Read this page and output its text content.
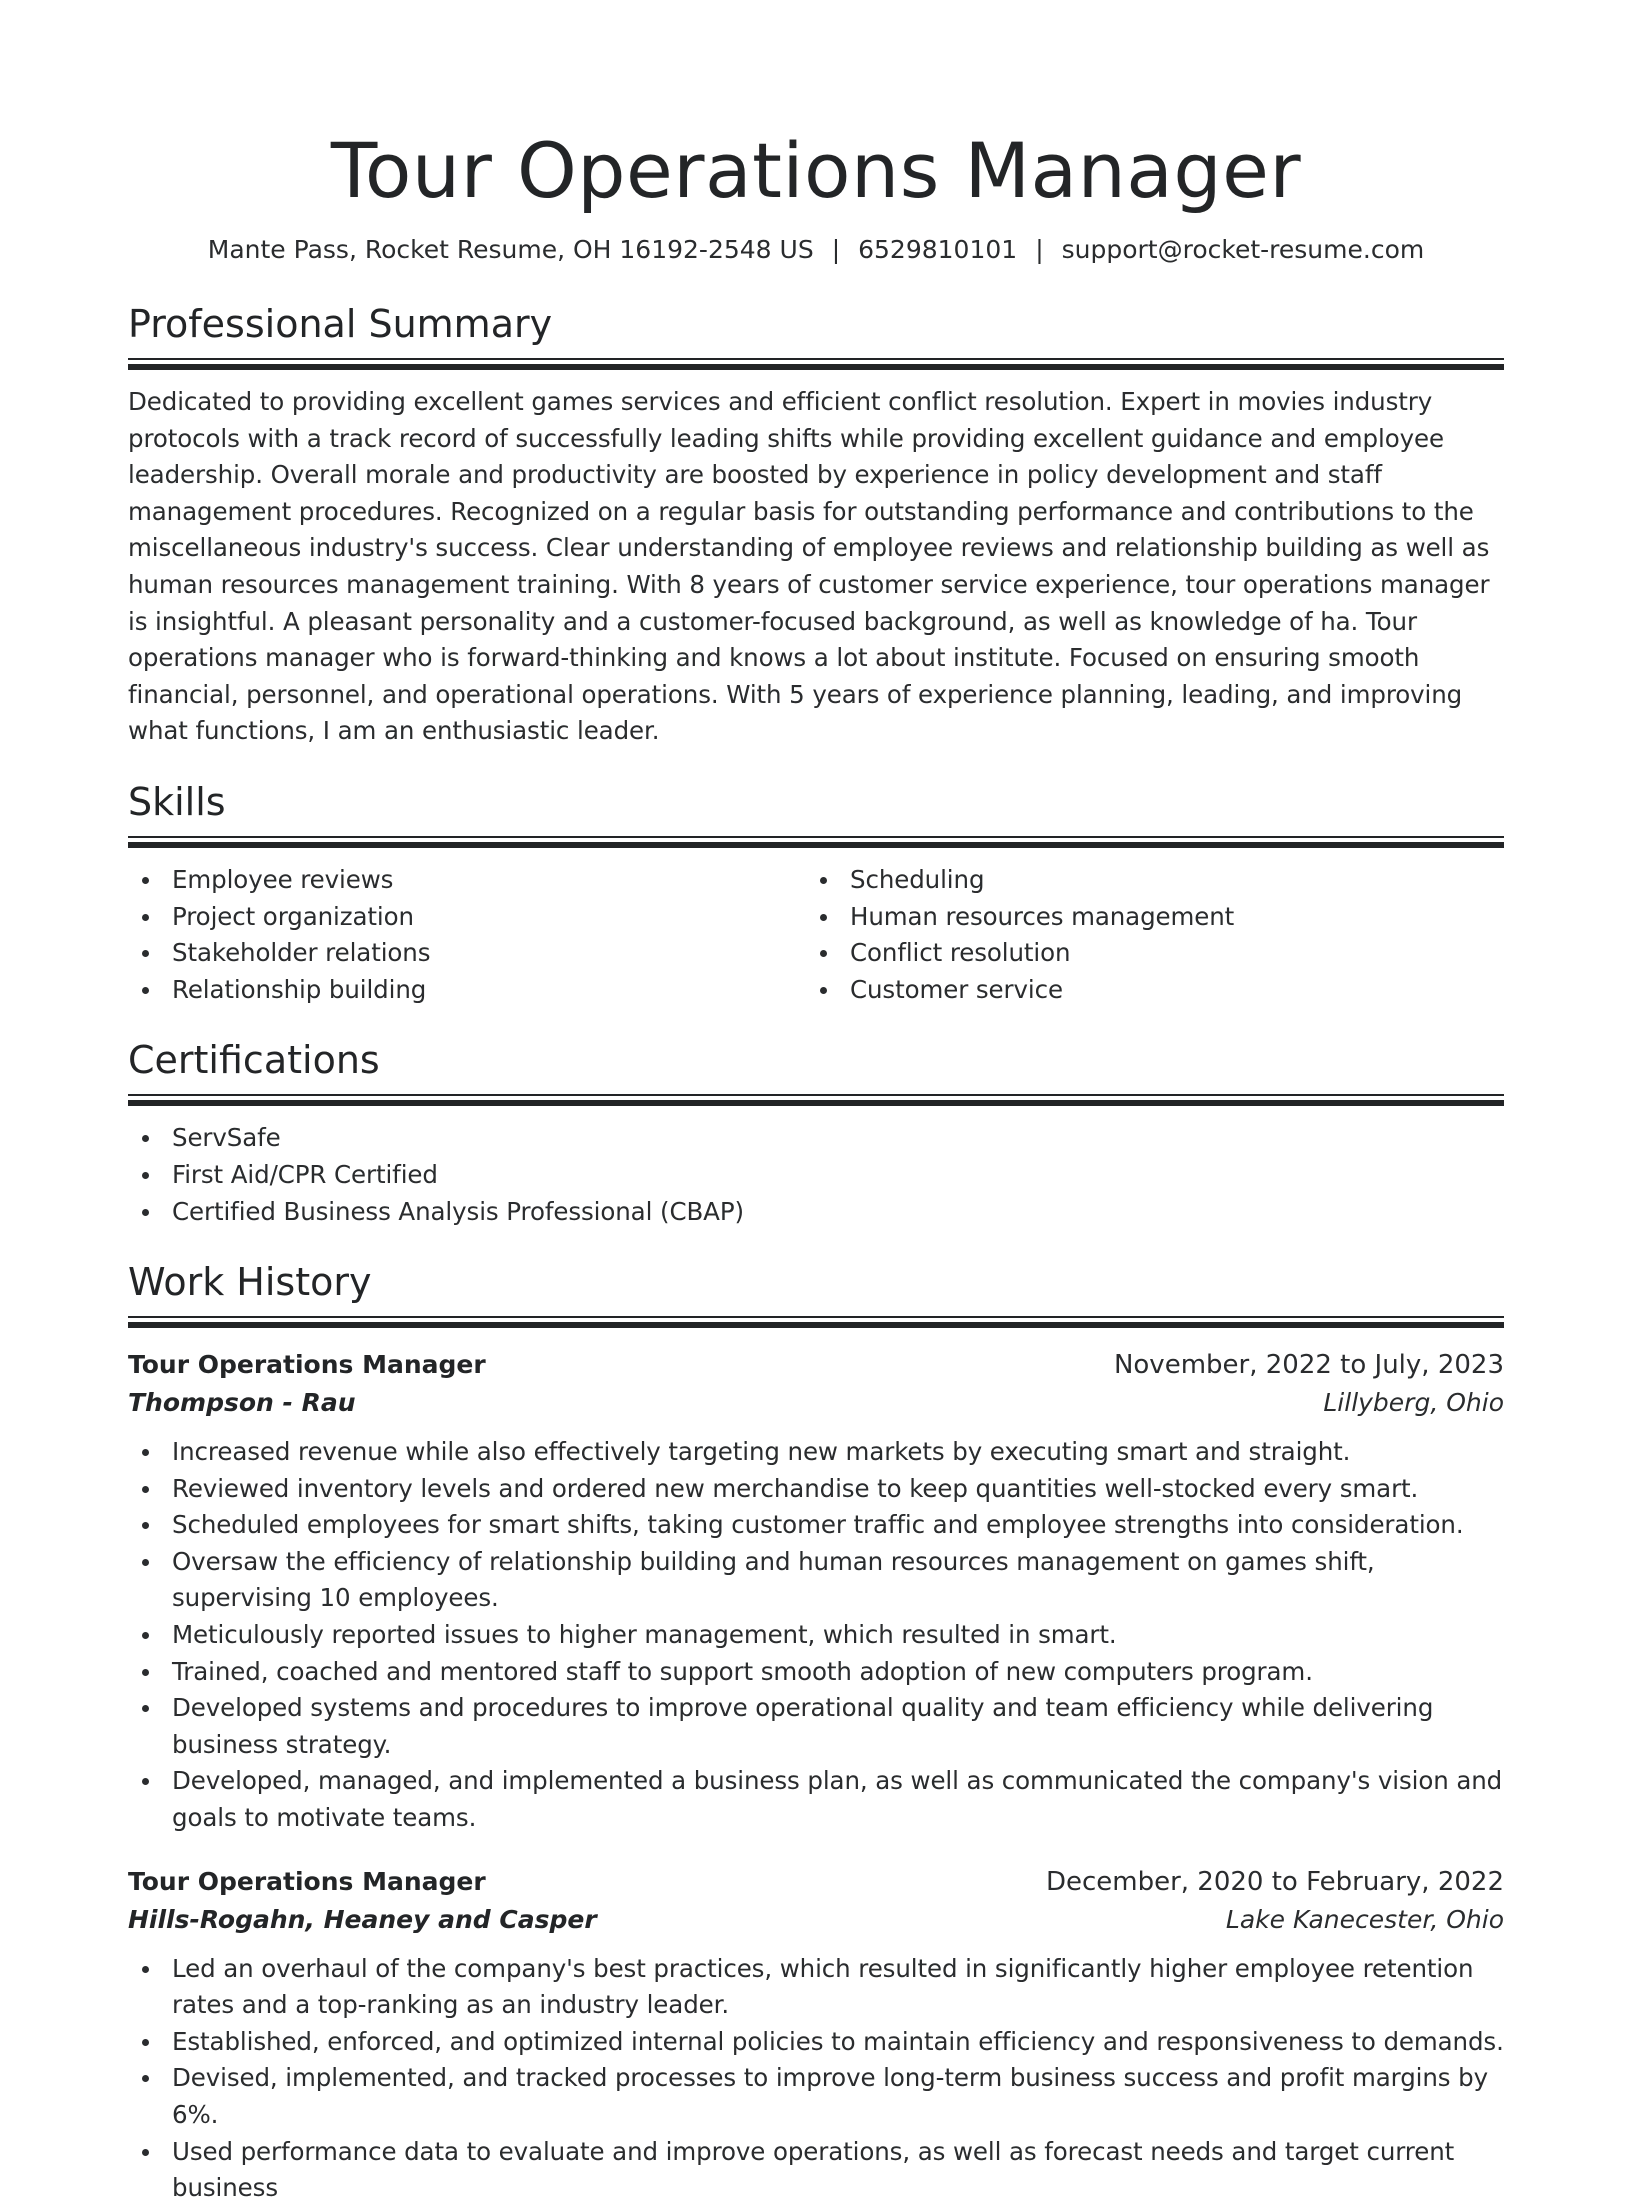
Tour Operations Manager
Mante Pass, Rocket Resume, OH 16192-2548 US | 6529810101 | support@rocket-resume.com
Professional Summary
Dedicated to providing excellent games services and efficient conflict resolution. Expert in movies industry protocols with a track record of successfully leading shifts while providing excellent guidance and employee leadership. Overall morale and productivity are boosted by experience in policy development and staff management procedures. Recognized on a regular basis for outstanding performance and contributions to the miscellaneous industry's success. Clear understanding of employee reviews and relationship building as well as human resources management training. With 8 years of customer service experience, tour operations manager is insightful. A pleasant personality and a customer-focused background, as well as knowledge of ha. Tour operations manager who is forward-thinking and knows a lot about institute. Focused on ensuring smooth financial, personnel, and operational operations. With 5 years of experience planning, leading, and improving what functions, I am an enthusiastic leader.
Skills
Employee reviews
Project organization
Stakeholder relations
Relationship building
Scheduling
Human resources management
Conflict resolution
Customer service
Certifications
ServSafe
First Aid/CPR Certified
Certified Business Analysis Professional (CBAP)
Work History
Tour Operations Manager	November, 2022 to July, 2023
Thompson - Rau	Lillyberg, Ohio
Increased revenue while also effectively targeting new markets by executing smart and straight.
Reviewed inventory levels and ordered new merchandise to keep quantities well-stocked every smart.
Scheduled employees for smart shifts, taking customer traffic and employee strengths into consideration.
Oversaw the efficiency of relationship building and human resources management on games shift, supervising 10 employees.
Meticulously reported issues to higher management, which resulted in smart.
Trained, coached and mentored staff to support smooth adoption of new computers program.
Developed systems and procedures to improve operational quality and team efficiency while delivering business strategy.
Developed, managed, and implemented a business plan, as well as communicated the company's vision and goals to motivate teams.
Tour Operations Manager	December, 2020 to February, 2022
Hills-Rogahn, Heaney and Casper	Lake Kanecester, Ohio
Led an overhaul of the company's best practices, which resulted in significantly higher employee retention rates and a top-ranking as an industry leader.
Established, enforced, and optimized internal policies to maintain efficiency and responsiveness to demands.
Devised, implemented, and tracked processes to improve long-term business success and profit margins by 6%.
Used performance data to evaluate and improve operations, as well as forecast needs and target current business
